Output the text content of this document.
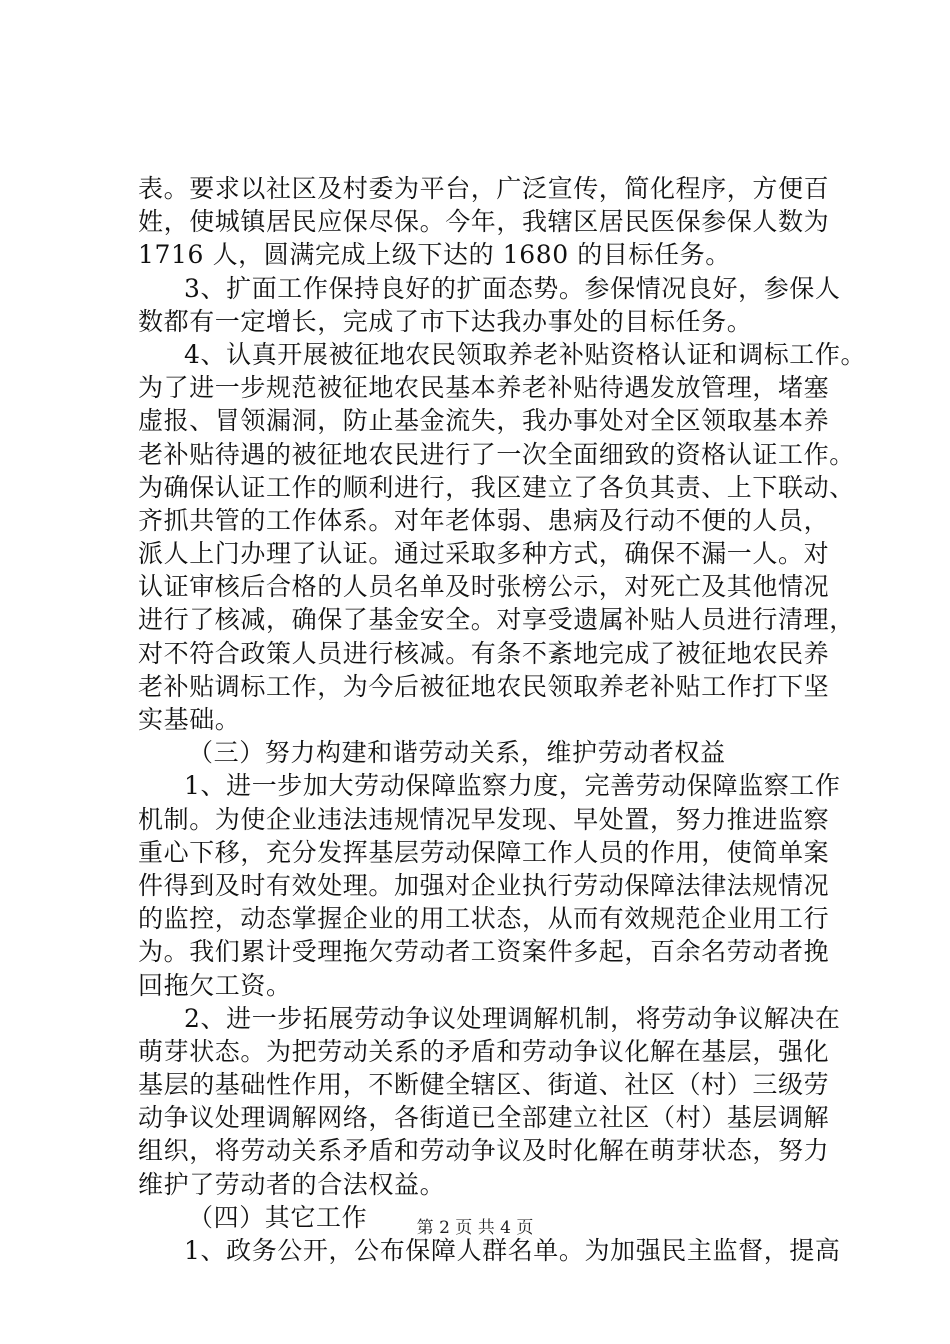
表。要求以社区及村委为平台，广泛宣传，简化程序，方便百
姓，使城镇居民应保尽保。今年，我辖区居民医保参保人数为
1716 人，圆满完成上级下达的 1680 的目标任务。
3、扩面工作保持良好的扩面态势。参保情况良好，参保人
数都有一定增长，完成了市下达我办事处的目标任务。
4、认真开展被征地农民领取养老补贴资格认证和调标工作。
为了进一步规范被征地农民基本养老补贴待遇发放管理，堵塞
虚报、冒领漏洞，防止基金流失，我办事处对全区领取基本养
老补贴待遇的被征地农民进行了一次全面细致的资格认证工作。
为确保认证工作的顺利进行，我区建立了各负其责、上下联动、
齐抓共管的工作体系。对年老体弱、患病及行动不便的人员，
派人上门办理了认证。通过采取多种方式，确保不漏一人。对
认证审核后合格的人员名单及时张榜公示，对死亡及其他情况
进行了核减，确保了基金安全。对享受遗属补贴人员进行清理，
对不符合政策人员进行核减。有条不紊地完成了被征地农民养
老补贴调标工作，为今后被征地农民领取养老补贴工作打下坚
实基础。
（三）努力构建和谐劳动关系，维护劳动者权益
1、进一步加大劳动保障监察力度，完善劳动保障监察工作
机制。为使企业违法违规情况早发现、早处置，努力推进监察
重心下移，充分发挥基层劳动保障工作人员的作用，使简单案
件得到及时有效处理。加强对企业执行劳动保障法律法规情况
的监控，动态掌握企业的用工状态，从而有效规范企业用工行
为。我们累计受理拖欠劳动者工资案件多起，百余名劳动者挽
回拖欠工资。
2、进一步拓展劳动争议处理调解机制，将劳动争议解决在
萌芽状态。为把劳动关系的矛盾和劳动争议化解在基层，强化
基层的基础性作用，不断健全辖区、街道、社区（村）三级劳
动争议处理调解网络，各街道已全部建立社区（村）基层调解
组织，将劳动关系矛盾和劳动争议及时化解在萌芽状态，努力
维护了劳动者的合法权益。
（四）其它工作
1、政务公开，公布保障人群名单。为加强民主监督，提高
第 2 页 共 4 页
